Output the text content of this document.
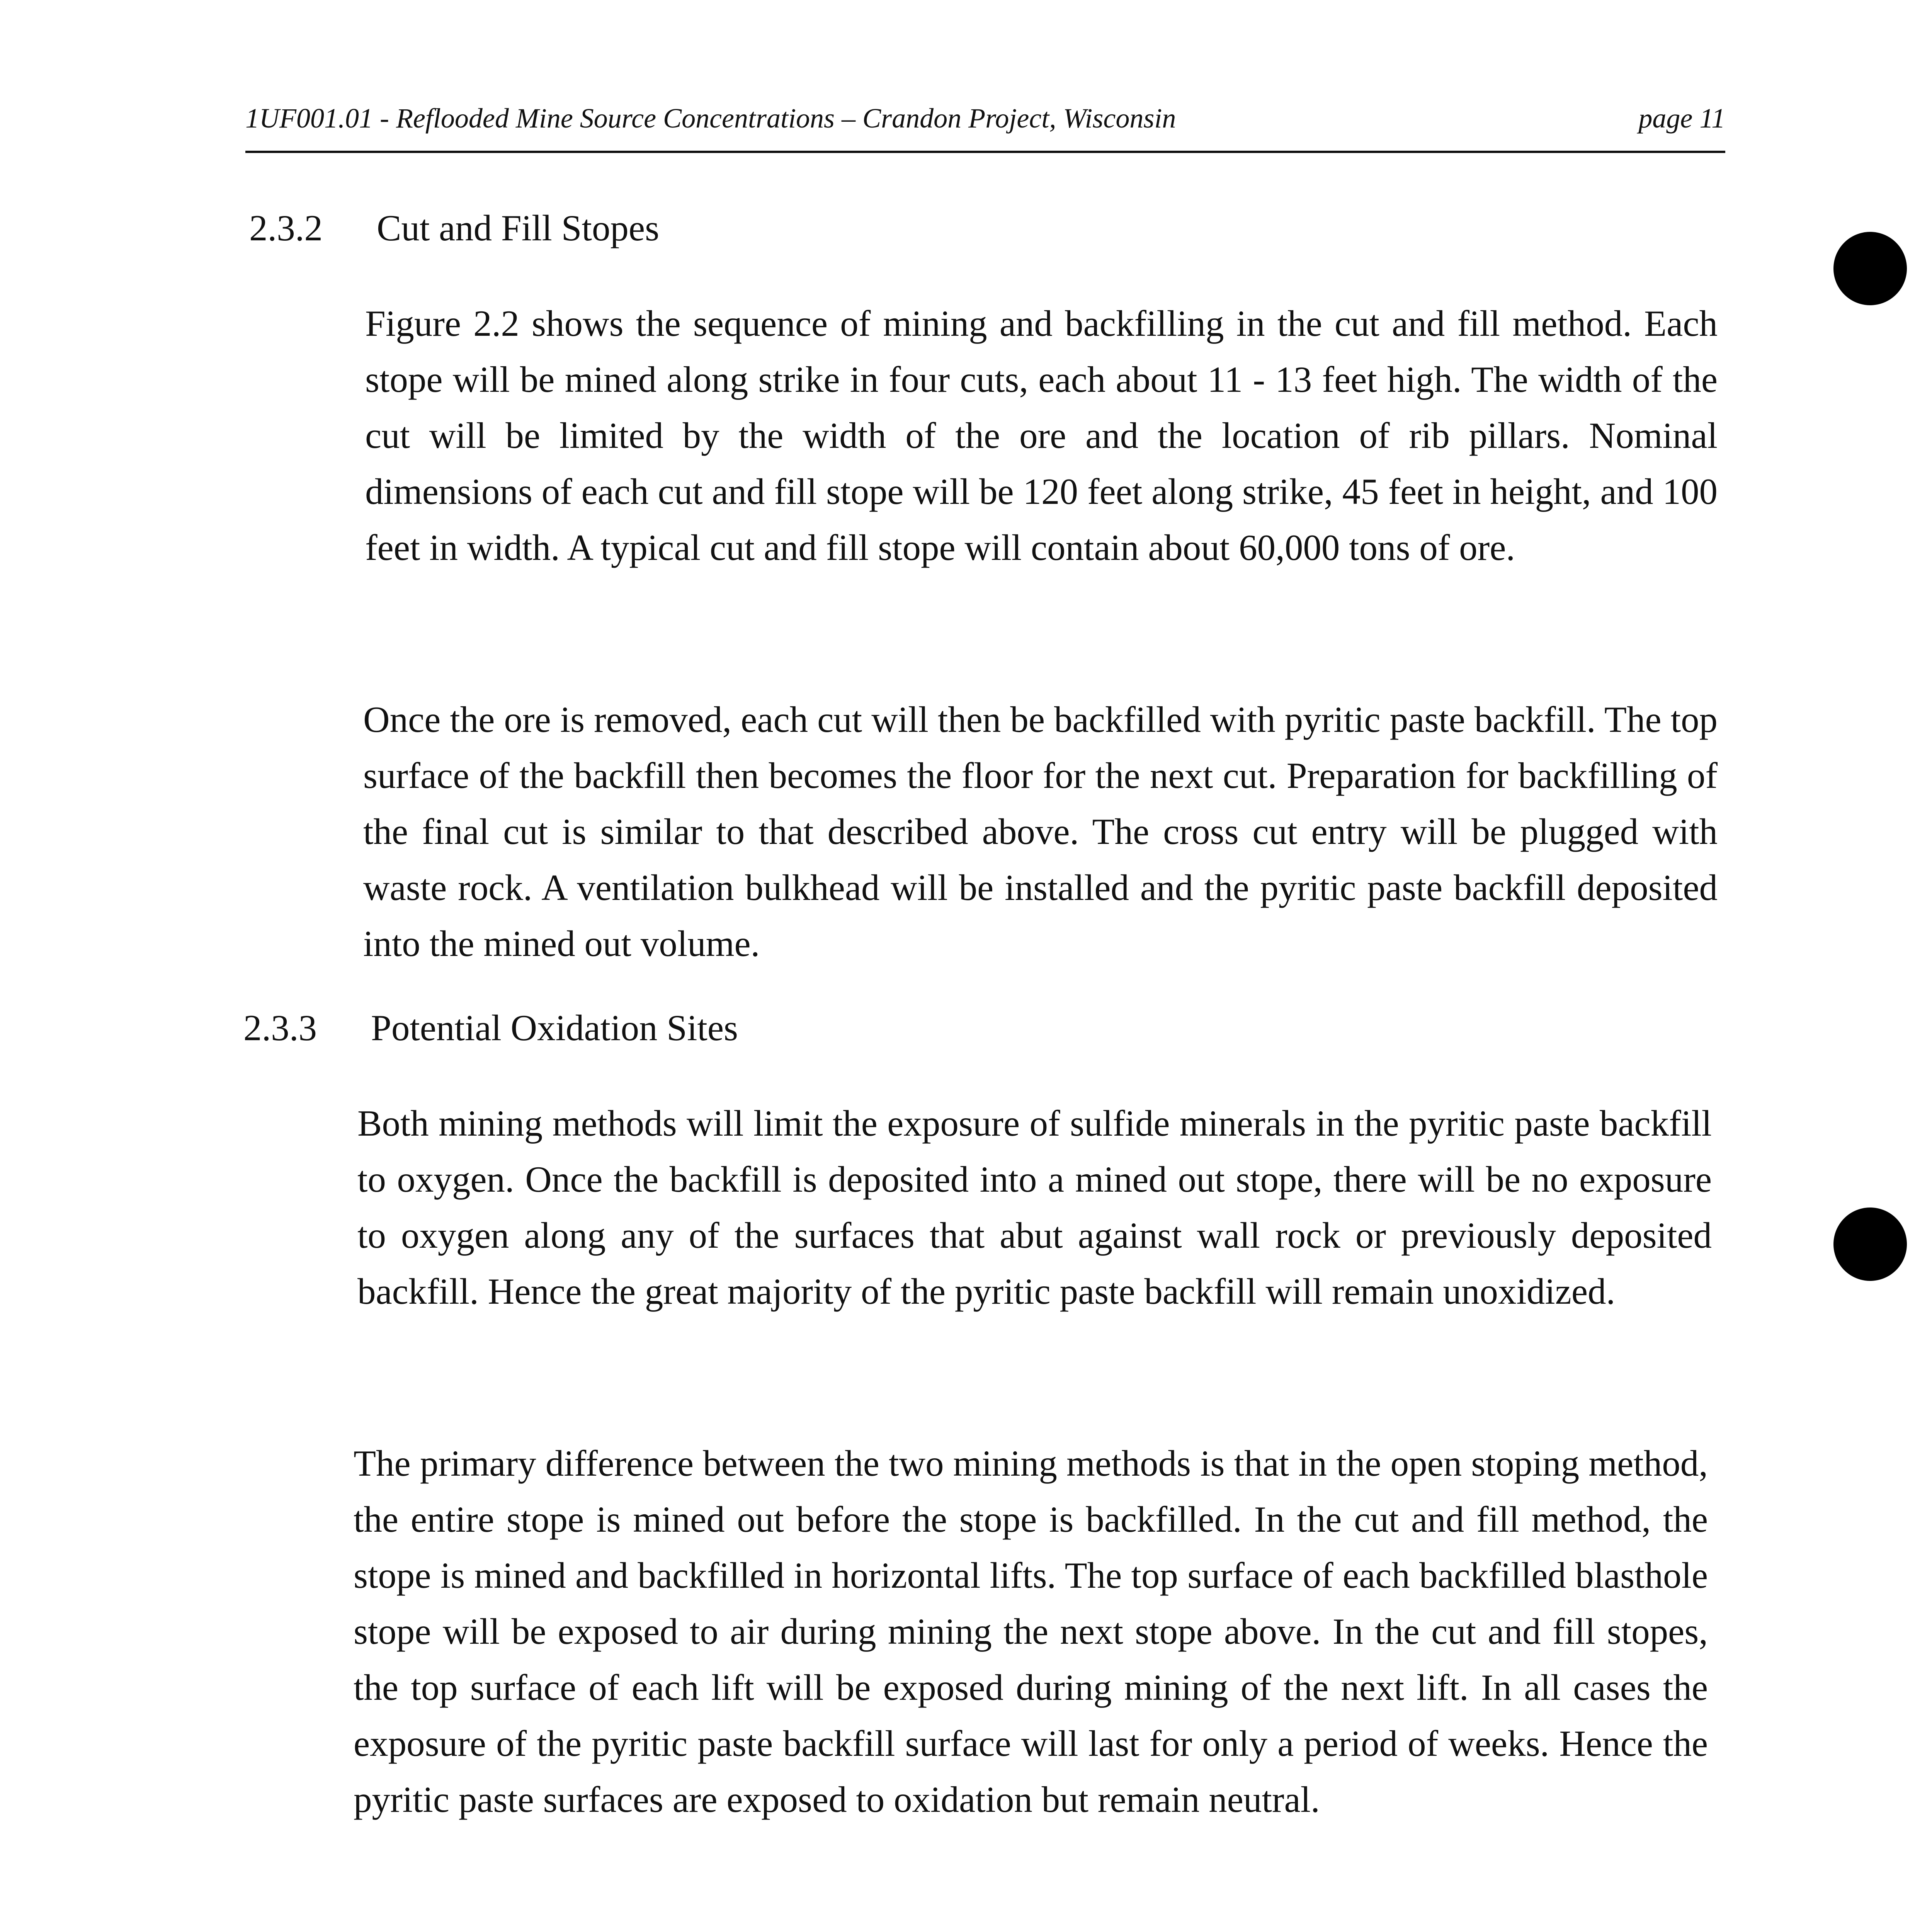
1UF001.01 - Reflooded Mine Source Concentrations – Crandon Project, Wisconsin	page 11
2.3.2 Cut and Fill Stopes

Figure 2.2 shows the sequence of mining and backfilling in the cut and fill method. Each stope will be mined along strike in four cuts, each about 11 - 13 feet high. The width of the cut will be limited by the width of the ore and the location of rib pillars. Nominal dimensions of each cut and fill stope will be 120 feet along strike, 45 feet in height, and 100 feet in width. A typical cut and fill stope will contain about 60,000 tons of ore.

Once the ore is removed, each cut will then be backfilled with pyritic paste backfill. The top surface of the backfill then becomes the floor for the next cut. Preparation for backfilling of the final cut is similar to that described above. The cross cut entry will be plugged with waste rock. A ventilation bulkhead will be installed and the pyritic paste backfill deposited into the mined out volume.

2.3.3 Potential Oxidation Sites

Both mining methods will limit the exposure of sulfide minerals in the pyritic paste backfill to oxygen. Once the backfill is deposited into a mined out stope, there will be no exposure to oxygen along any of the surfaces that abut against wall rock or previously deposited backfill. Hence the great majority of the pyritic paste backfill will remain unoxidized.

The primary difference between the two mining methods is that in the open stoping method, the entire stope is mined out before the stope is backfilled. In the cut and fill method, the stope is mined and backfilled in horizontal lifts. The top surface of each backfilled blasthole stope will be exposed to air during mining the next stope above. In the cut and fill stopes, the top surface of each lift will be exposed during mining of the next lift. In all cases the exposure of the pyritic paste backfill surface will last for only a period of weeks. Hence the pyritic paste surfaces are exposed to oxidation but remain neutral.
